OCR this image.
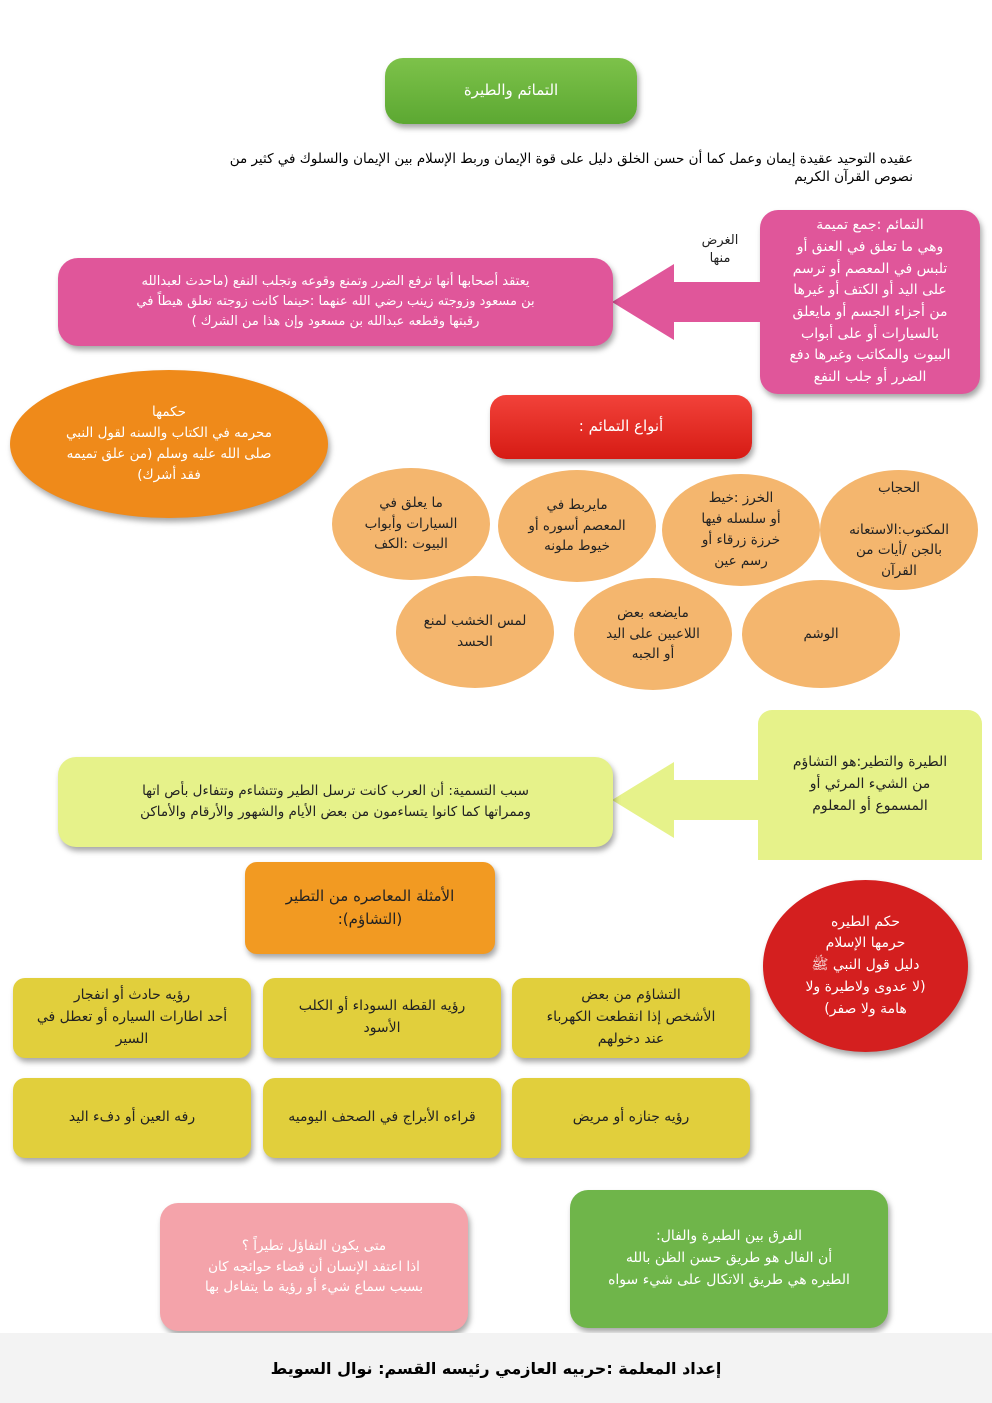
التمائم والطيرة
عقيده التوحيد عقيدة إيمان وعمل كما أن حسن الخلق دليل على قوة الإيمان وربط الإسلام بين الإيمان والسلوك في كثير من
نصوص القرآن الكريم
التمائم :جمع تميمة
وهي ما تعلق في العنق أو
تلبس في المعصم أو ترسم
على اليد أو الكتف أو غيرها
من أجزاء الجسم أو مايعلق
بالسيارات أو على أبواب
البيوت والمكاتب وغيرها دفع
الضرر أو جلب النفع
الغرض
منها
يعتقد أصحابها أنها ترفع الضرر وتمنع وقوعه وتجلب النفع (ماحدث لعبدالله
بن مسعود وزوجته زينب رضي الله عنهما :حينما كانت زوجته تعلق هيطاً في
رقبتها وقطعه عبدالله بن مسعود وإن هذا من الشرك )
حكمها
محرمه في الكتاب والسنه لقول النبي
صلى الله عليه وسلم (من علق تميمه
فقد أشرك)
أنواع التمائم :
الحجاب

المكتوب:الاستعانه
بالجن /أيات من
القرآن
الخرز :خيط
أو سلسله فيها
خرزة زرقاء أو
رسم عين
مايربط في
المعصم أسوره أو
خيوط ملونه
ما يعلق في
السيارات وأبواب
البيوت :الكف
الوشم
مايضعه بعض
اللاعبين على اليد
أو الجبه
لمس الخشب لمنع
الحسد
الطيرة والتطير:هو التشاؤم
من الشيء المرئي أو
المسموع أو المعلوم
سبب التسمية: أن العرب كانت ترسل الطير وتتشاءم وتتفاءل بأص اتها
وممراتها كما كانوا يتساءمون من بعض الأيام والشهور والأرقام والأماكن
الأمثلة المعاصره من التطير
(التشاؤم):	حكم الطيره
حرمها الإسلام
دليل قول النبي ﷺ
(لا عدوى ولاطيرة ولا
هامة ولا صفر)
التشاؤم من بعض
الأشخص إذا انقطعت الكهرباء
عند دخولهم
رؤيه القطه السوداء أو الكلب
الأسود
رؤيه حادث أو انفجار
أحد اطارات السياره أو تعطل في
السير
رؤيه جنازه أو مريض
قراءه الأبراج في الصحف اليوميه
رفه العين أو دفء اليد
الفرق بين الطيرة والفال:
أن الفال هو طريق حسن الظن بالله
الطيره هي طريق الاتكال على شيء سواه
متى يكون التفاؤل تطيراً ؟
اذا اعتقد الإنسان أن قضاء حوائجه كان
بسبب سماع شيء أو رؤية ما يتفاءل بها
إعداد المعلمة :حربيه العازمي رئيسه القسم: نوال السويط
